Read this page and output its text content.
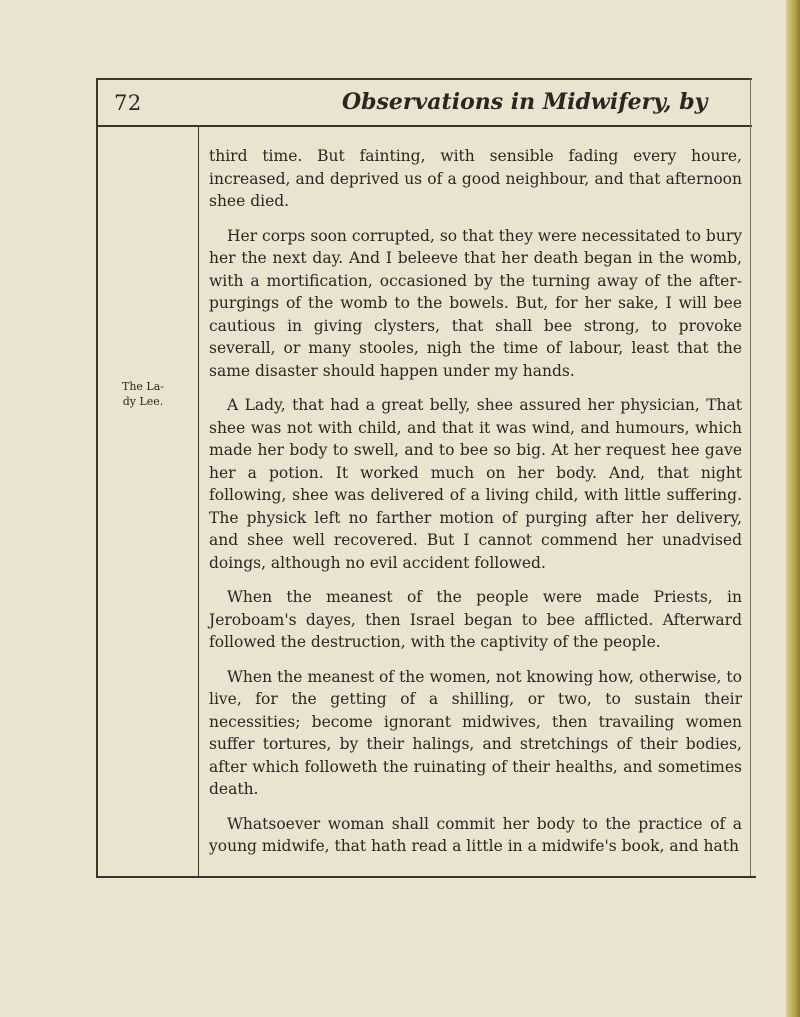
72	Observations in Midwifery, by
The La-
dy Lee.

third time. But fainting, with sensible fading every houre, increased, and deprived us of a good neighbour, and that afternoon shee died.

Her corps soon corrupted, so that they were necessitated to bury her the next day. And I beleeve that her death began in the womb, with a mortification, occasioned by the turning away of the after-purgings of the womb to the bowels. But, for her sake, I will bee cautious in giving clysters, that shall bee strong, to provoke severall, or many stooles, nigh the time of labour, least that the same disaster should happen under my hands.

A Lady, that had a great belly, shee assured her physician, That shee was not with child, and that it was wind, and humours, which made her body to swell, and to bee so big. At her request hee gave her a potion. It worked much on her body. And, that night following, shee was delivered of a living child, with little suffering. The physick left no farther motion of purging after her delivery, and shee well recovered. But I cannot commend her unadvised doings, although no evil accident followed.

When the meanest of the people were made Priests, in Jeroboam's dayes, then Israel began to bee afflicted. Afterward followed the destruction, with the captivity of the people.

When the meanest of the women, not knowing how, otherwise, to live, for the getting of a shilling, or two, to sustain their necessities; become ignorant midwives, then travailing women suffer tortures, by their halings, and stretchings of their bodies, after which followeth the ruinating of their healths, and sometimes death.

Whatsoever woman shall commit her body to the practice of a young midwife, that hath read a little in a midwife's book, and hath
